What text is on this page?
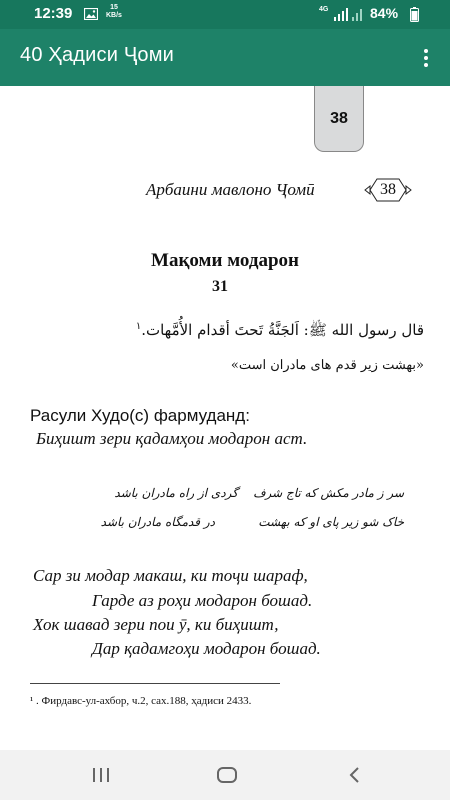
12:39	15
KB/s
4G	84%
40 Ҳадиси Ҷоми
38
Арбаини мавлоно Ҷомӣ	38
Мақоми модарон
31
قال رسول الله ﷺ: اَلجَنَّةُ تَحتَ أقدام الأُمَّهات.$^١$
«بهشت زیر قدم های مادران است»
Расули Худо(с) фармуданд:
Биҳишт зери қадамҳои модарон аст.
سر ز مادر مکش که تاج شرف
گردی از راه مادران باشد
خاک شو زیر پای او که بهشت
در قدمگاه مادران باشد
Сар зи модар макаш, ки тоҷи шараф,
Гарде аз роҳи модарон бошад.
Хок шавад зери пои ӯ, ки биҳишт,
Дар қадамгоҳи модарон бошад.
¹ . Фирдавс-ул-ахбор, ч.2, сах.188, ҳадиси 2433.
